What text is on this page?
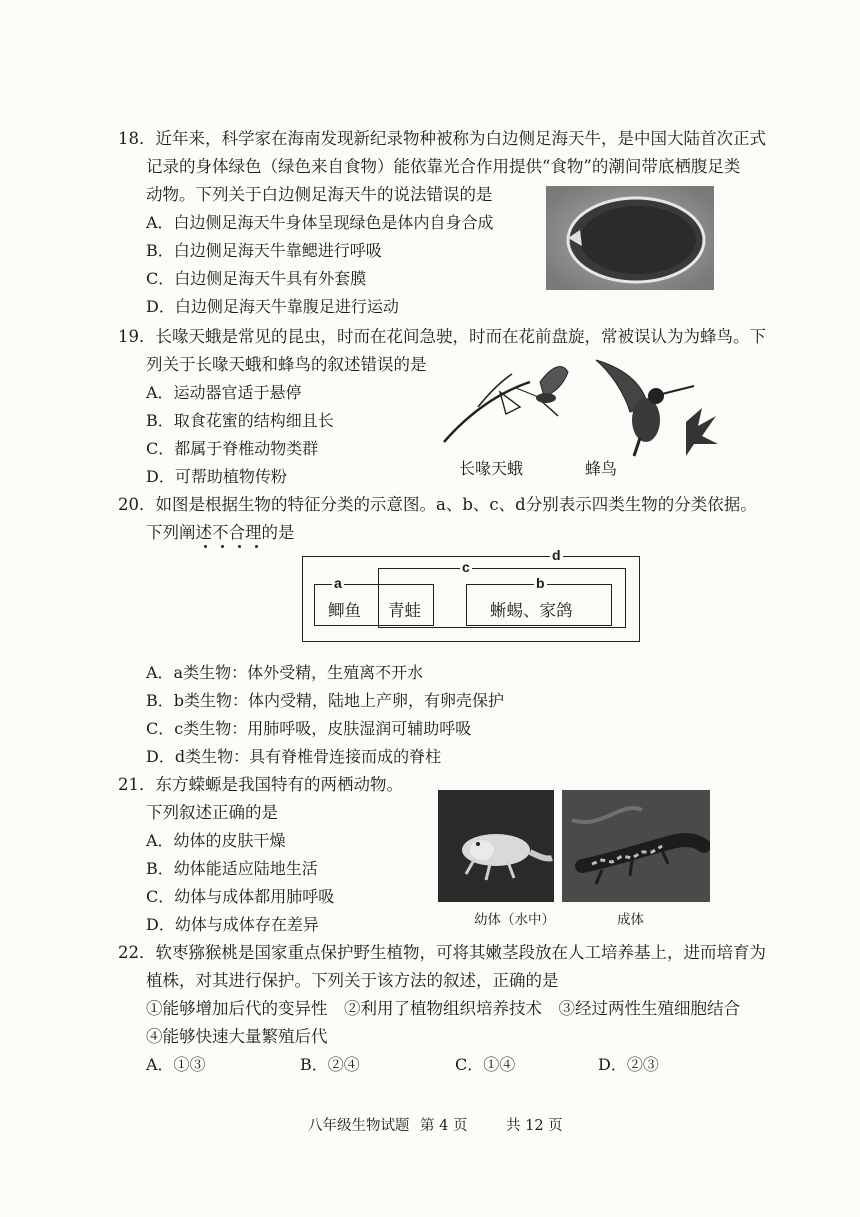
18．近年来，科学家在海南发现新纪录物种被称为白边侧足海天牛，是中国大陆首次正式
记录的身体绿色（绿色来自食物）能依靠光合作用提供“食物”的潮间带底栖腹足类
动物。下列关于白边侧足海天牛的说法错误的是
A．白边侧足海天牛身体呈现绿色是体内自身合成
B．白边侧足海天牛靠鳃进行呼吸
C．白边侧足海天牛具有外套膜
D．白边侧足海天牛靠腹足进行运动
19．长喙天蛾是常见的昆虫，时而在花间急驶，时而在花前盘旋，常被误认为为蜂鸟。下
列关于长喙天蛾和蜂鸟的叙述错误的是
A．运动器官适于悬停
B．取食花蜜的结构细且长
C．都属于脊椎动物类群
D．可帮助植物传粉	长喙天蛾	蜂鸟
20．如图是根据生物的特征分类的示意图。a、b、c、d分别表示四类生物的分类依据。
下列阐述不合理的是
a	b
c
d
鲫鱼 青蛙	蜥蜴、家鸽
A．a类生物：体外受精，生殖离不开水
B．b类生物：体内受精，陆地上产卵，有卵壳保护
C．c类生物：用肺呼吸，皮肤湿润可辅助呼吸
D．d类生物：具有脊椎骨连接而成的脊柱
21．东方蝾螈是我国特有的两栖动物。
下列叙述正确的是
A．幼体的皮肤干燥
B．幼体能适应陆地生活
C．幼体与成体都用肺呼吸
D．幼体与成体存在差异	幼体（水中）	成体
22．软枣猕猴桃是国家重点保护野生植物，可将其嫩茎段放在人工培养基上，进而培育为
植株，对其进行保护。下列关于该方法的叙述，正确的是
①能够增加后代的变异性　②利用了植物组织培养技术　③经过两性生殖细胞结合
④能够快速大量繁殖后代
A．①③	B．②④	C．①④	D．②③
八年级生物试题 第 4 页	共 12 页
